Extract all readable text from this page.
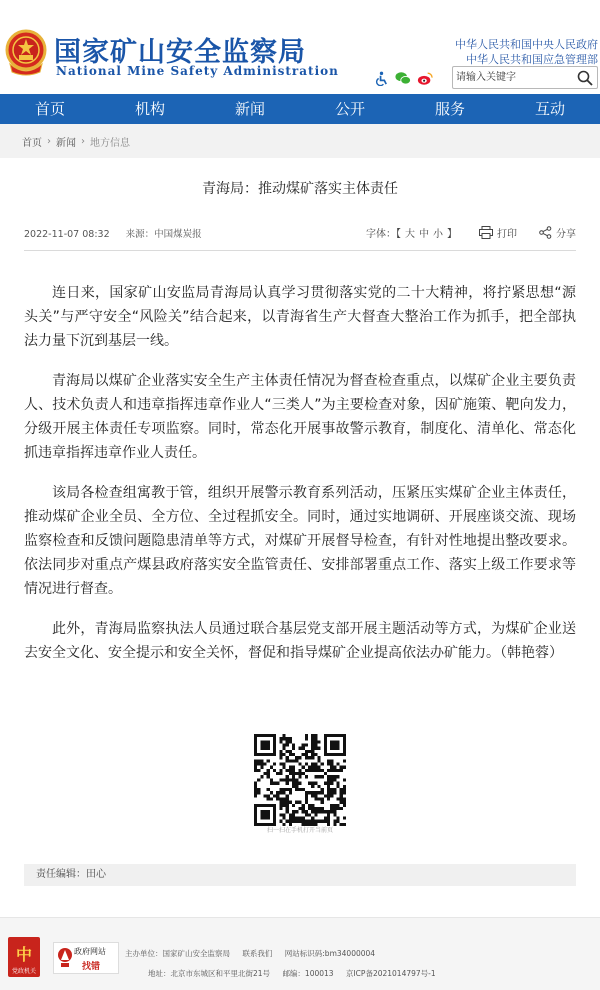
国家矿山安全监察局
National Mine Safety Administration
中华人民共和国中央人民政府
中华人民共和国应急管理部
请输入关键字
首页	机构	新闻	公开	服务	互动
首页 › 新闻 › 地方信息
青海局：推动煤矿落实主体责任
2022-11-07 08:32 来源：中国煤炭报	字体：【 大 中 小 】	打印	分享

连日来，国家矿山安监局青海局认真学习贯彻落实党的二十大精神，将拧紧思想“源头关”与严守安全“风险关”结合起来，以青海省生产大督查大整治工作为抓手，把全部执法力量下沉到基层一线。

青海局以煤矿企业落实安全生产主体责任情况为督查检查重点，以煤矿企业主要负责人、技术负责人和违章指挥违章作业人“三类人”为主要检查对象，因矿施策、靶向发力，分级开展主体责任专项监察。同时，常态化开展事故警示教育，制度化、清单化、常态化抓违章指挥违章作业人责任。

该局各检查组寓教于管，组织开展警示教育系列活动，压紧压实煤矿企业主体责任，推动煤矿企业全员、全方位、全过程抓安全。同时，通过实地调研、开展座谈交流、现场监察检查和反馈问题隐患清单等方式，对煤矿开展督导检查，有针对性地提出整改要求。依法同步对重点产煤县政府落实安全监管责任、安排部署重点工作、落实上级工作要求等情况进行督查。

此外，青海局监察执法人员通过联合基层党支部开展主题活动等方式，为煤矿企业送去安全文化、安全提示和安全关怀，督促和指导煤矿企业提高依法办矿能力。（韩艳蓉）

扫一扫在手机打开当前页
责任编辑：田心
中
党政机关
政府网站
找错
主办单位：国家矿山安全监察局 联系我们 网站标识码:bm34000004
地址：北京市东城区和平里北街21号 邮编：100013 京ICP备2021014797号-1
